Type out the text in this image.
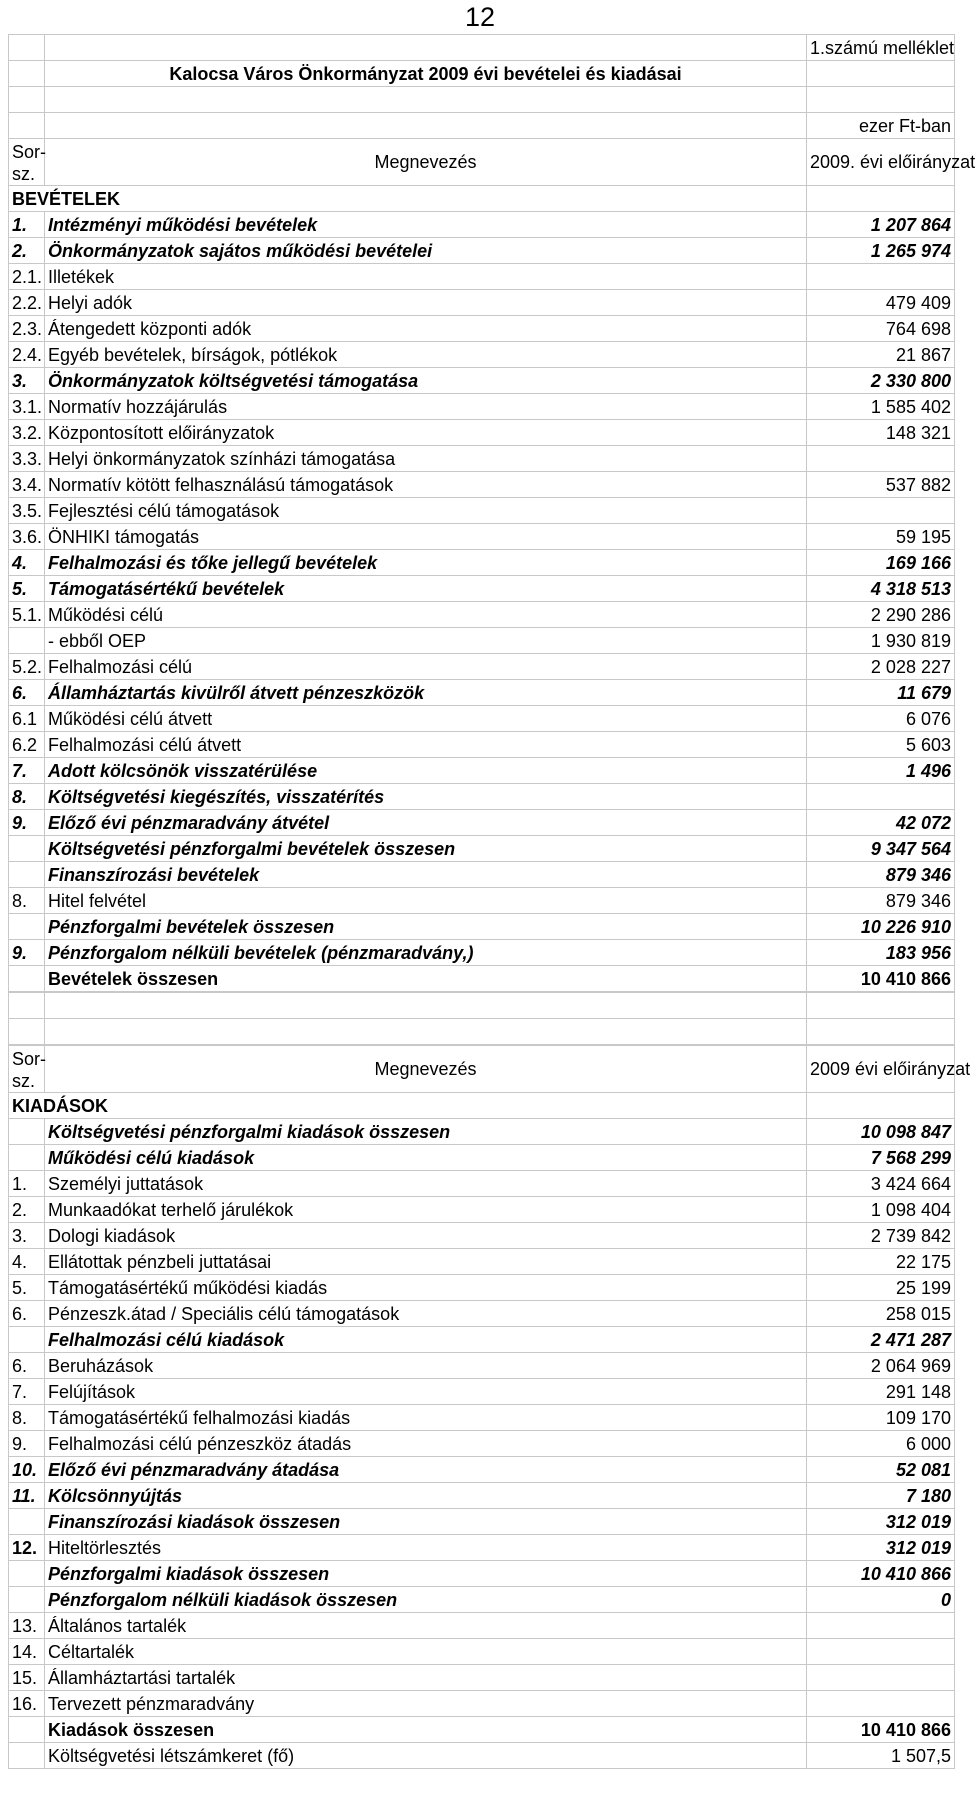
12
		1.számú melléklet
	Kalocsa Város Önkormányzat 2009 évi bevételei és kiadásai	

		ezer Ft-ban
Sor-sz.	Megnevezés	2009. évi előirányzat
BEVÉTELEK		
1.	Intézményi működési bevételek	1 207 864
2.	Önkormányzatok sajátos működési bevételei	1 265 974
2.1.	Illetékek	
2.2.	Helyi adók	479 409
2.3.	Átengedett központi adók	764 698
2.4.	Egyéb bevételek, bírságok, pótlékok	21 867
3.	Önkormányzatok költségvetési támogatása	2 330 800
3.1.	Normatív hozzájárulás	1 585 402
3.2.	Központosított előirányzatok	148 321
3.3.	Helyi önkormányzatok színházi támogatása	
3.4.	Normatív kötött felhasználású támogatások	537 882
3.5.	Fejlesztési célú támogatások	
3.6.	ÖNHIKI támogatás	59 195
4.	Felhalmozási és tőke jellegű bevételek	169 166
5.	Támogatásértékű bevételek	4 318 513
5.1.	Működési célú	2 290 286
	- ebből OEP	1 930 819
5.2.	Felhalmozási célú	2 028 227
6.	Államháztartás kivülről átvett pénzeszközök	11 679
6.1	Működési célú átvett	6 076
6.2	Felhalmozási célú átvett	5 603
7.	Adott kölcsönök visszatérülése	1 496
8.	Költségvetési kiegészítés, visszatérítés	
9.	Előző évi pénzmaradvány átvétel	42 072
	Költségvetési pénzforgalmi bevételek összesen	9 347 564
	Finanszírozási bevételek	879 346
8.	Hitel felvétel	879 346
	Pénzforgalmi bevételek összesen	10 226 910
9.	Pénzforgalom nélküli bevételek (pénzmaradvány,)	183 956
	Bevételek összesen	10 410 866
Sor-sz.	Megnevezés	2009 évi előirányzat
KIADÁSOK		
	Költségvetési pénzforgalmi kiadások összesen	10 098 847
	Működési célú kiadások	7 568 299
1.	Személyi juttatások	3 424 664
2.	Munkaadókat terhelő járulékok	1 098 404
3.	Dologi kiadások	2 739 842
4.	Ellátottak pénzbeli juttatásai	22 175
5.	Támogatásértékű működési kiadás	25 199
6.	Pénzeszk.átad / Speciális célú támogatások	258 015
	Felhalmozási célú kiadások	2 471 287
6.	Beruházások	2 064 969
7.	Felújítások	291 148
8.	Támogatásértékű felhalmozási kiadás	109 170
9.	Felhalmozási célú pénzeszköz átadás	6 000
10.	Előző évi pénzmaradvány átadása	52 081
11.	Kölcsönnyújtás	7 180
	Finanszírozási kiadások összesen	312 019
12.	Hiteltörlesztés	312 019
	Pénzforgalmi kiadások összesen	10 410 866
	Pénzforgalom nélküli kiadások összesen	0
13.	Általános tartalék	
14.	Céltartalék	
15.	Államháztartási tartalék	
16.	Tervezett pénzmaradvány	
	Kiadások összesen	10 410 866
	Költségvetési létszámkeret (fő)	1 507,5
